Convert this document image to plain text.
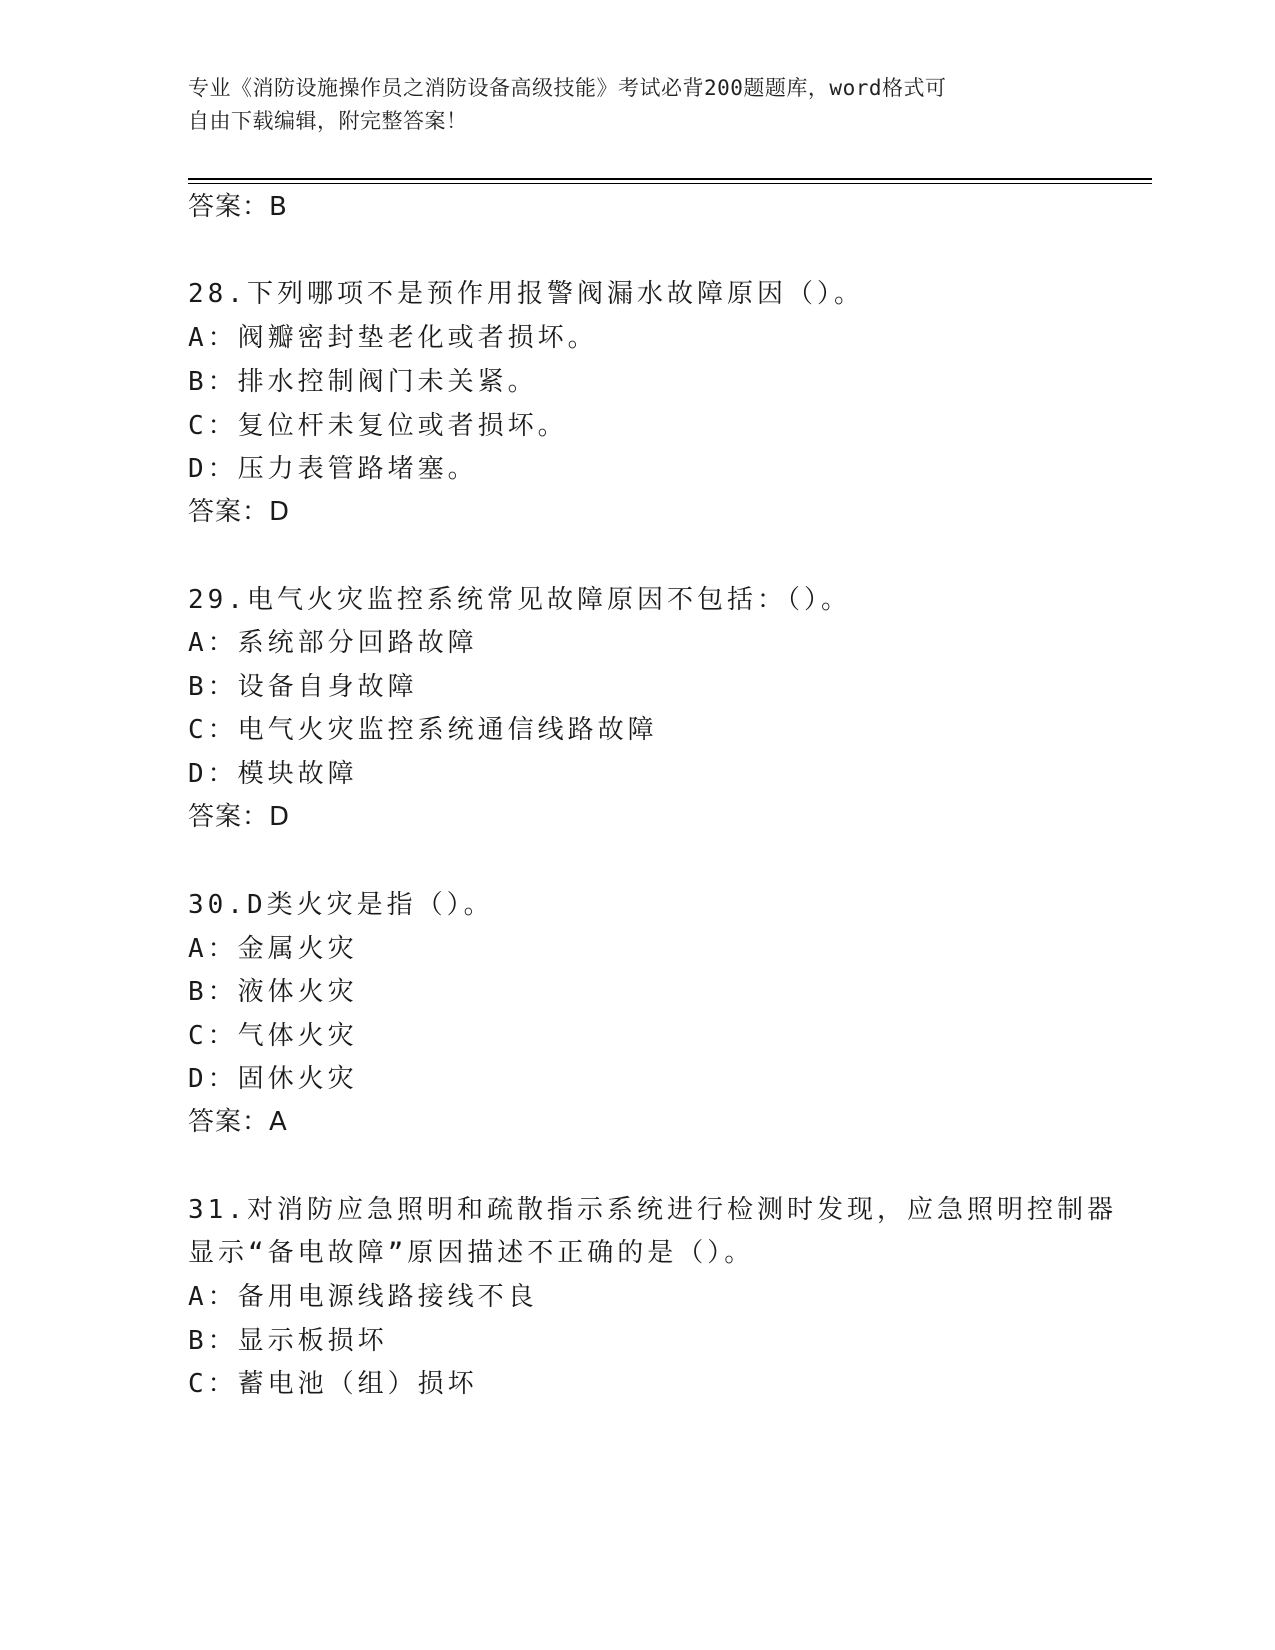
专业《消防设施操作员之消防设备高级技能》考试必背200题题库，word格式可
自由下载编辑，附完整答案！
答案：B
28.下列哪项不是预作用报警阀漏水故障原因（）。
A：阀瓣密封垫老化或者损坏。
B：排水控制阀门未关紧。
C：复位杆未复位或者损坏。
D：压力表管路堵塞。
答案：D
29.电气火灾监控系统常见故障原因不包括：（）。
A：系统部分回路故障
B：设备自身故障
C：电气火灾监控系统通信线路故障
D：模块故障
答案：D
30.D类火灾是指（）。
A：金属火灾
B：液体火灾
C：气体火灾
D：固休火灾
答案：A
31.对消防应急照明和疏散指示系统进行检测时发现，应急照明控制器
显示“备电故障”原因描述不正确的是（）。
A：备用电源线路接线不良
B：显示板损坏
C：蓄电池（组）损坏
